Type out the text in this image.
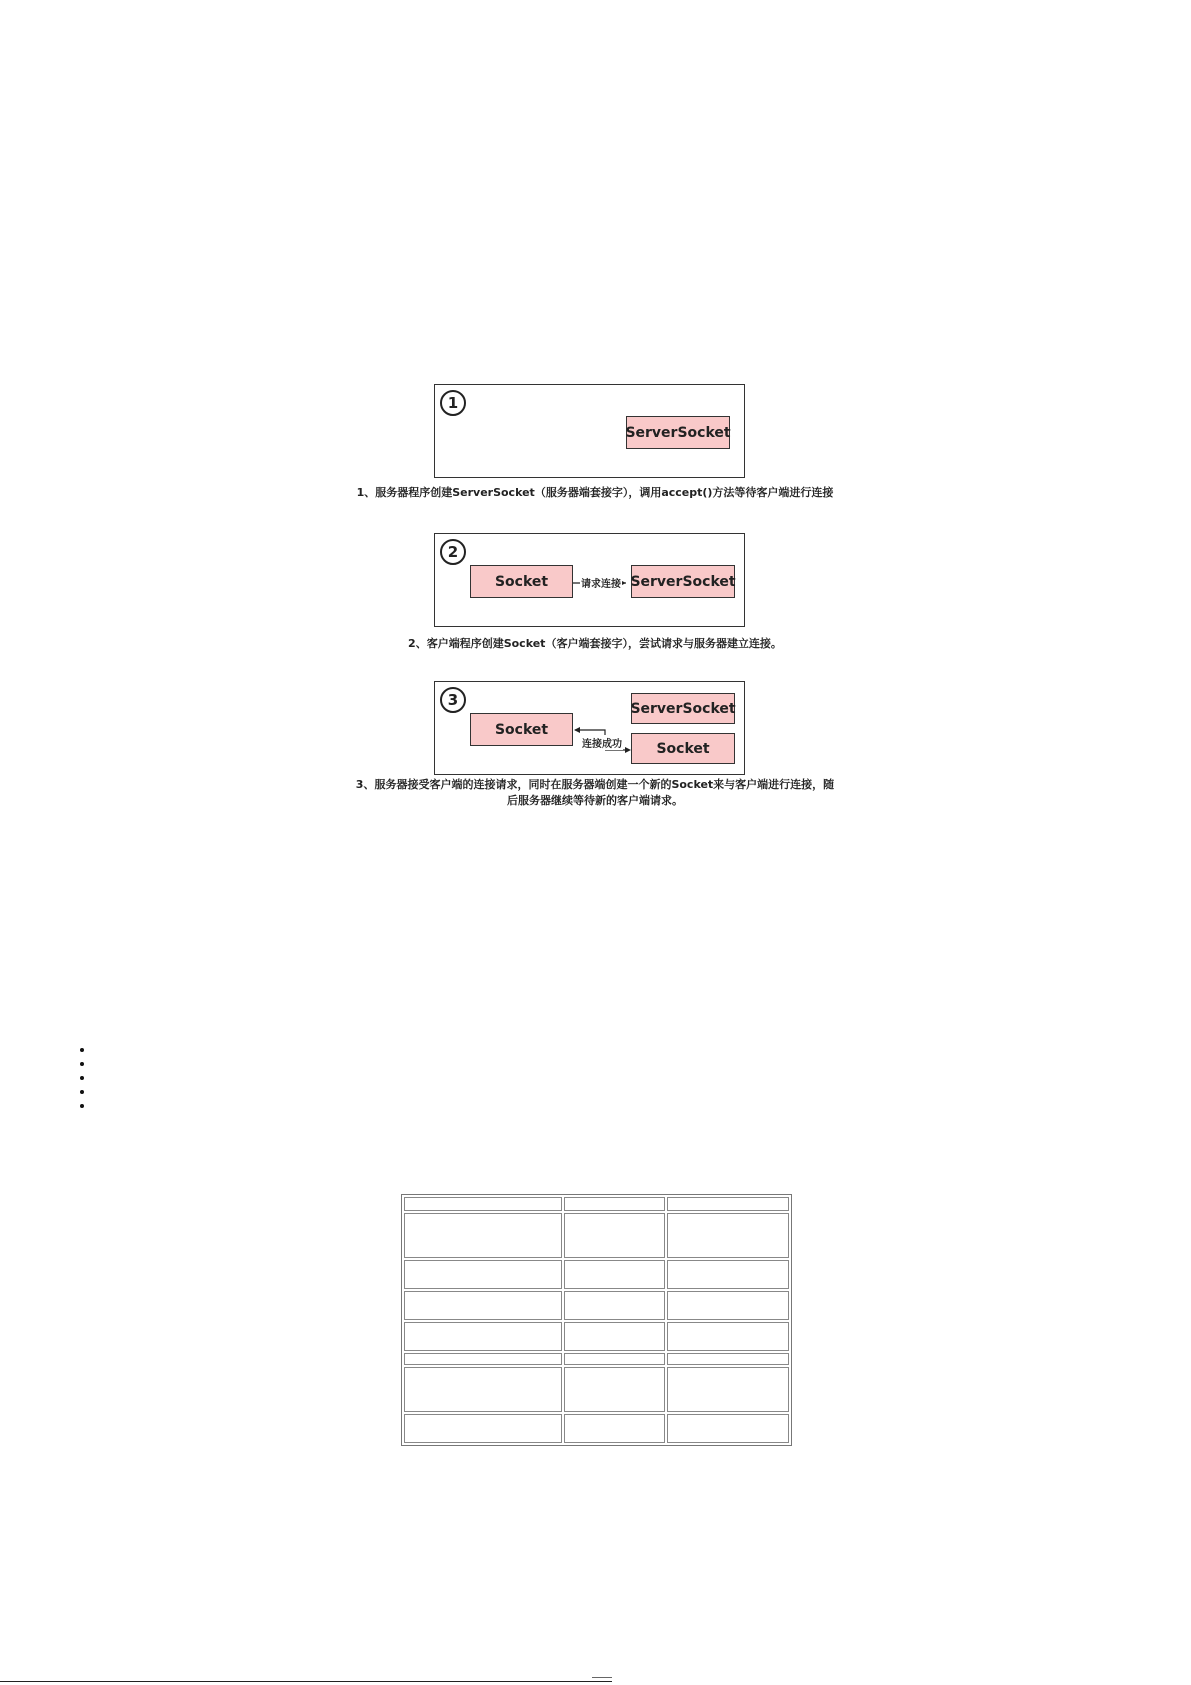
1
ServerSocket
1、服务器程序创建ServerSocket（服务器端套接字），调用accept()方法等待客户端进行连接
2
Socket	请求连接 ServerSocket
2、客户端程序创建Socket（客户端套接字），尝试请求与服务器建立连接。
3
Socket
ServerSocket
Socket
连接成功
3、服务器接受客户端的连接请求，同时在服务器端创建一个新的Socket来与客户端进行连接，随
后服务器继续等待新的客户端请求。
